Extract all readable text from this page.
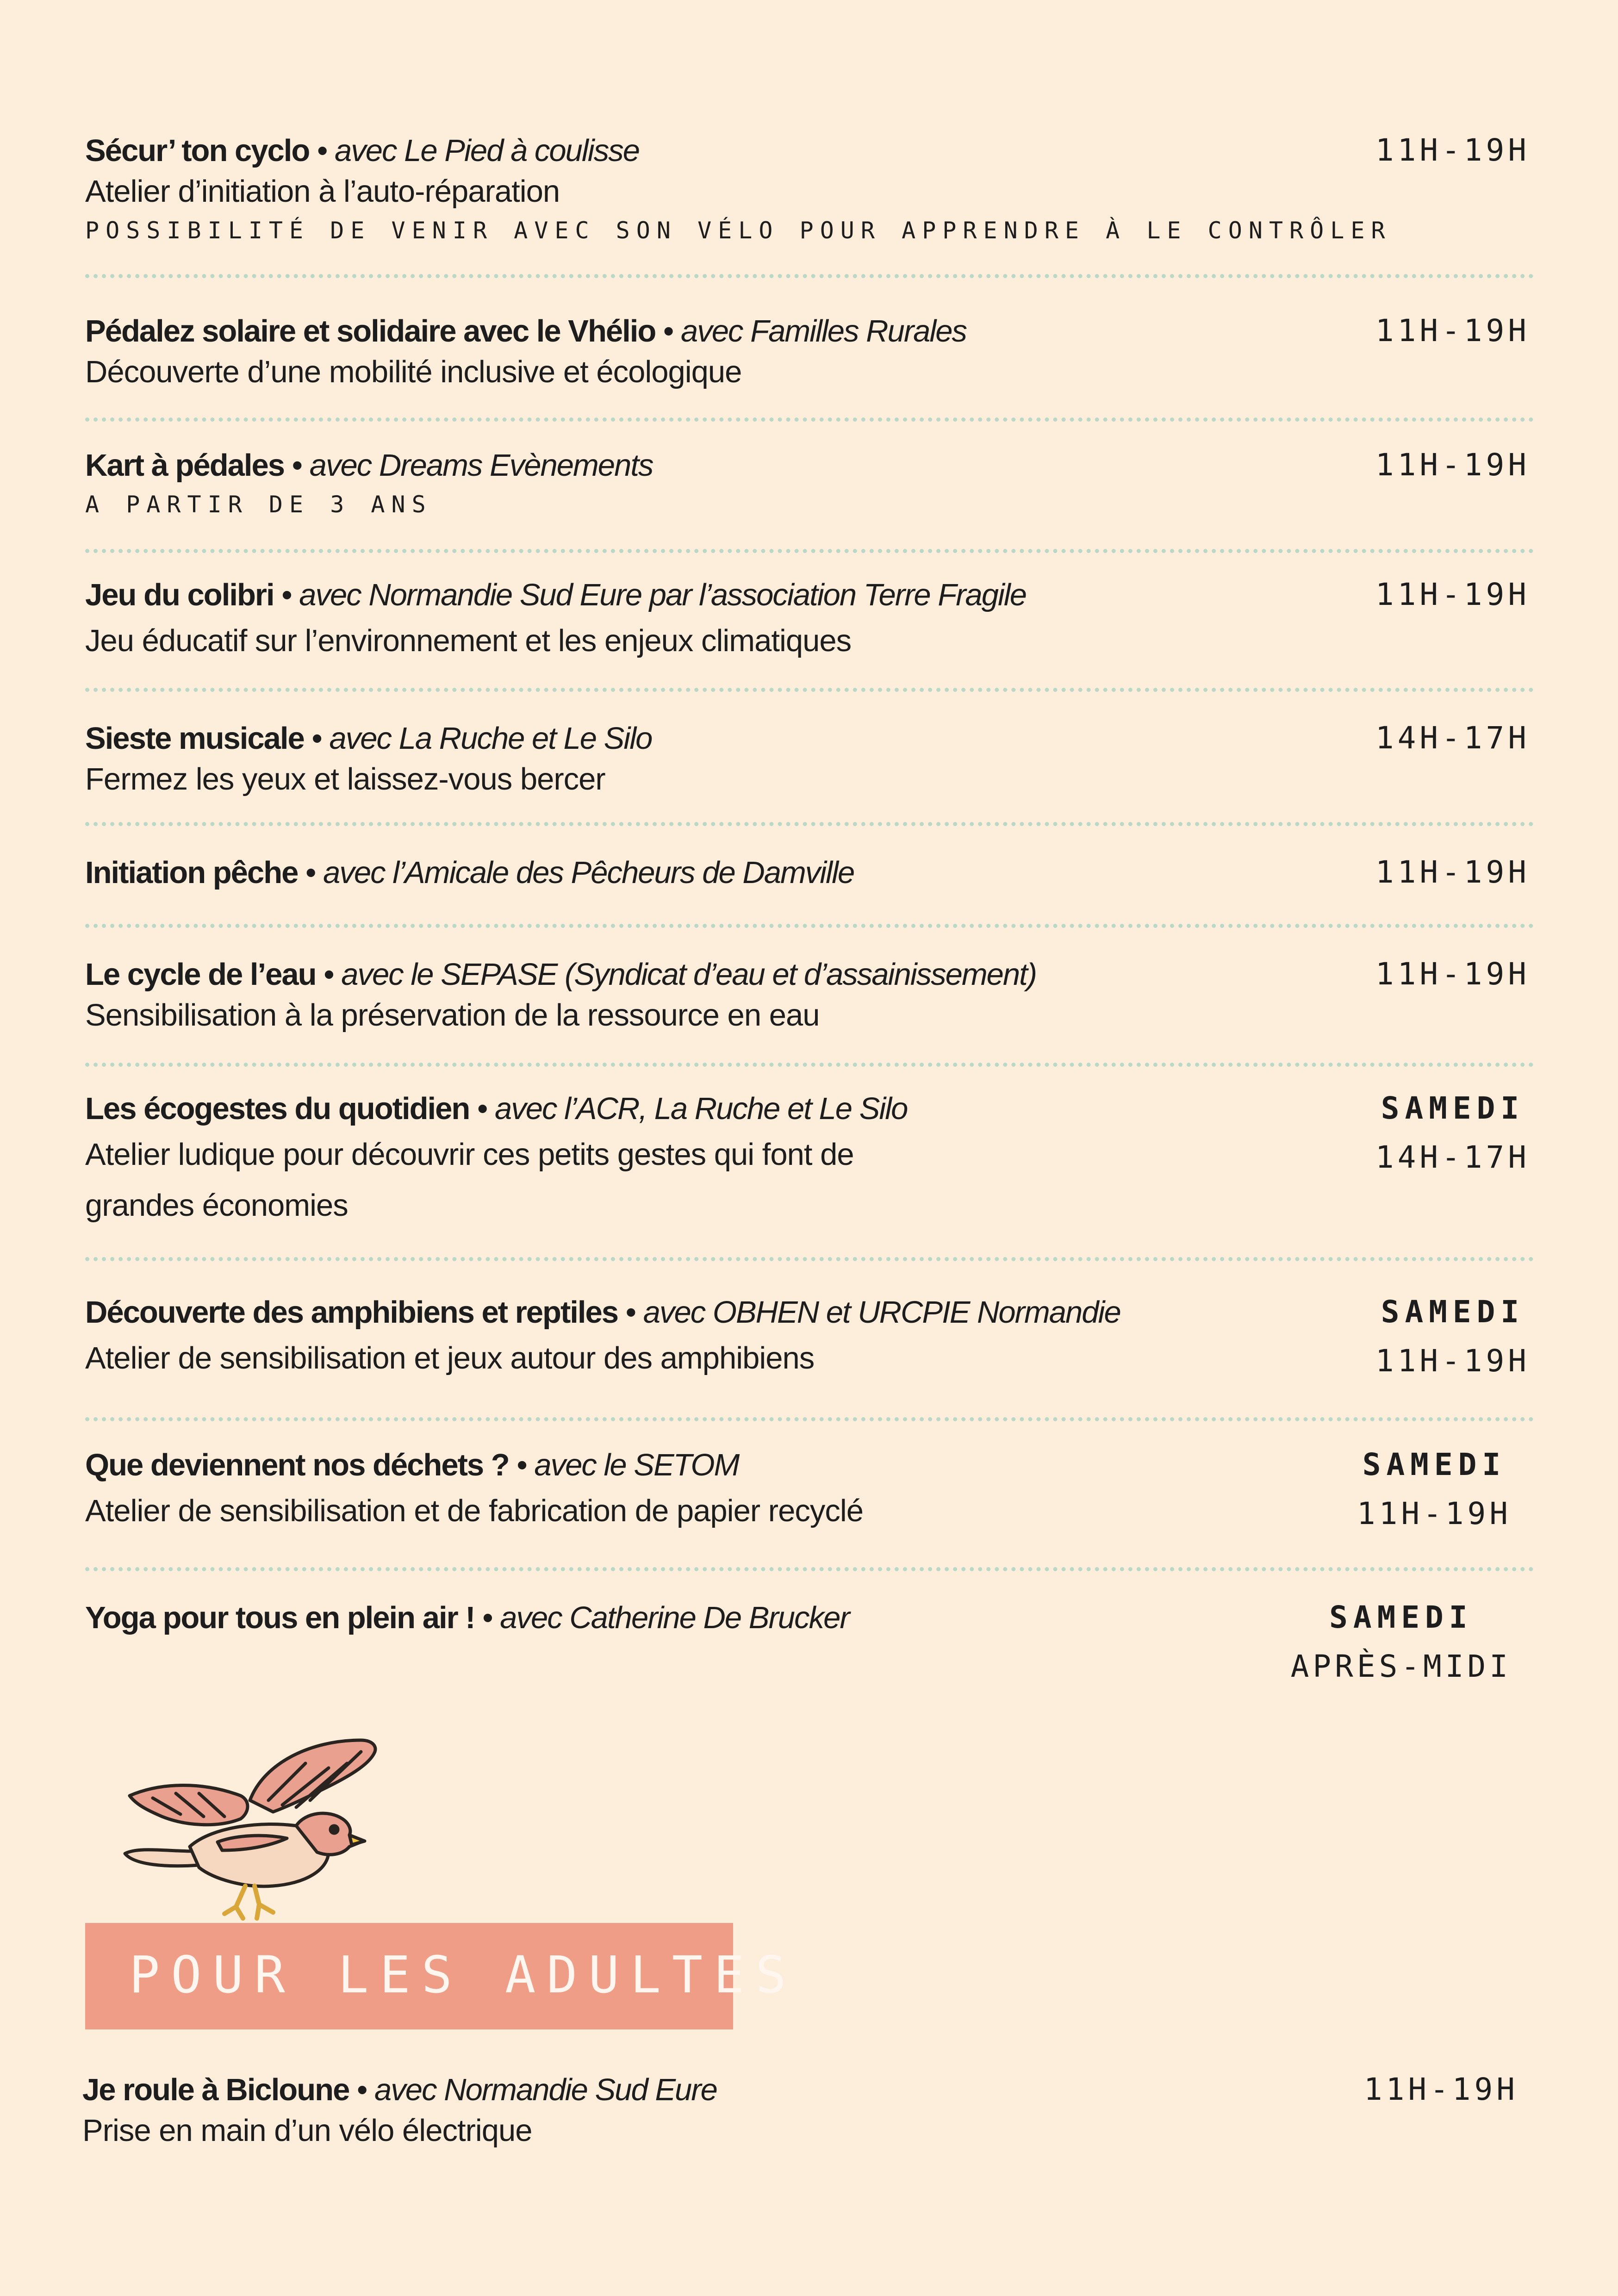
Sécur’ ton cyclo • avec Le Pied à coulisse
Atelier d’initiation à l’auto-réparation
POSSIBILITÉ DE VENIR AVEC SON VÉLO POUR APPRENDRE À LE CONTRÔLER
11H-19H
Pédalez solaire et solidaire avec le Vhélio • avec Familles Rurales
Découverte d’une mobilité inclusive et écologique
11H-19H
Kart à pédales • avec Dreams Evènements
A PARTIR DE 3 ANS
11H-19H
Jeu du colibri • avec Normandie Sud Eure par l’association Terre Fragile
Jeu éducatif sur l’environnement et les enjeux climatiques
11H-19H
Sieste musicale • avec La Ruche et Le Silo
Fermez les yeux et laissez-vous bercer
14H-17H
Initiation pêche • avec l’Amicale des Pêcheurs de Damville	11H-19H
Le cycle de l’eau • avec le SEPASE (Syndicat d’eau et d’assainissement)
Sensibilisation à la préservation de la ressource en eau
11H-19H
Les écogestes du quotidien • avec l’ACR, La Ruche et Le Silo
Atelier ludique pour découvrir ces petits gestes qui font de
grandes économies
SAMEDI
14H-17H
Découverte des amphibiens et reptiles • avec OBHEN et URCPIE Normandie
Atelier de sensibilisation et jeux autour des amphibiens
SAMEDI
11H-19H
Que deviennent nos déchets ? • avec le SETOM
Atelier de sensibilisation et de fabrication de papier recyclé
SAMEDI
11H-19H
Yoga pour tous en plein air ! • avec Catherine De Brucker	SAMEDI
APRÈS-MIDI
POUR LES ADULTES
Je roule à Bicloune • avec Normandie Sud Eure
Prise en main d’un vélo électrique
11H-19H
